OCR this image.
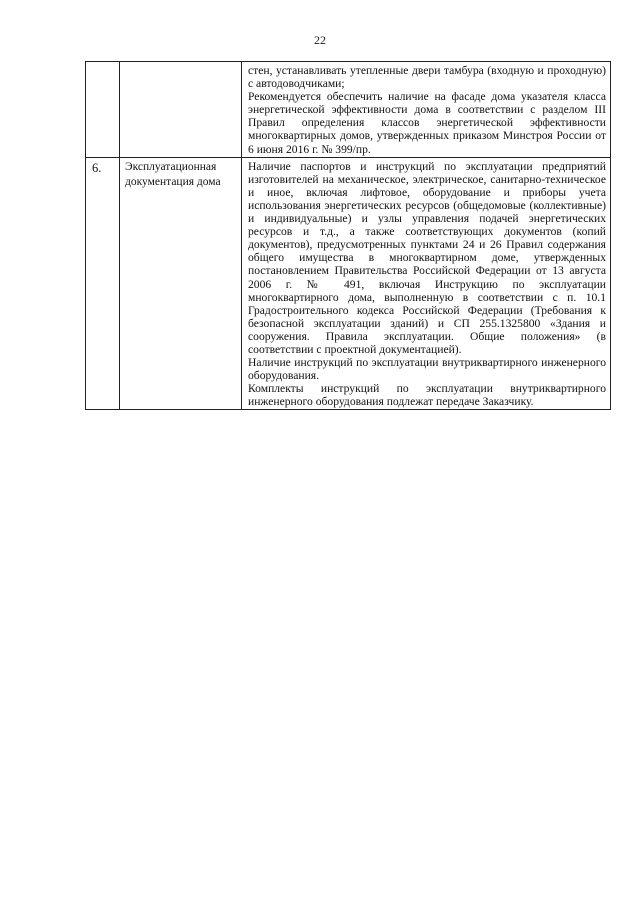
22

		стен, устанавливать утепленные двери тамбура (входную и проходную) с автодоводчиками;

Рекомендуется обеспечить наличие на фасаде дома указателя класса энергетической эффективности дома в соответствии с разделом III Правил определения классов энергетической эффективности многоквартирных домов, утвержденных приказом Минстроя России от 6 июня 2016 г. № 399/пр.

6.	Эксплуатационная документация дома	Наличие паспортов и инструкций по эксплуатации предприятий изготовителей на механическое, электрическое, санитарно-техническое и иное, включая лифтовое, оборудование и приборы учета использования энергетических ресурсов (общедомовые (коллективные) и индивидуальные) и узлы управления подачей энергетических ресурсов и т.д., а также соответствующих документов (копий документов), предусмотренных пунктами 24 и 26 Правил содержания общего имущества в многоквартирном доме, утвержденных постановлением Правительства Российской Федерации от 13 августа 2006 г. № 491, включая Инструкцию по эксплуатации многоквартирного дома, выполненную в соответствии с п. 10.1 Градостроительного кодекса Российской Федерации (Требования к безопасной эксплуатации зданий) и СП 255.1325800 «Здания и сооружения. Правила эксплуатации. Общие положения» (в соответствии с проектной документацией).

Наличие инструкций по эксплуатации внутриквартирного инженерного оборудования.

Комплекты инструкций по эксплуатации внутриквартирного инженерного оборудования подлежат передаче Заказчику.
